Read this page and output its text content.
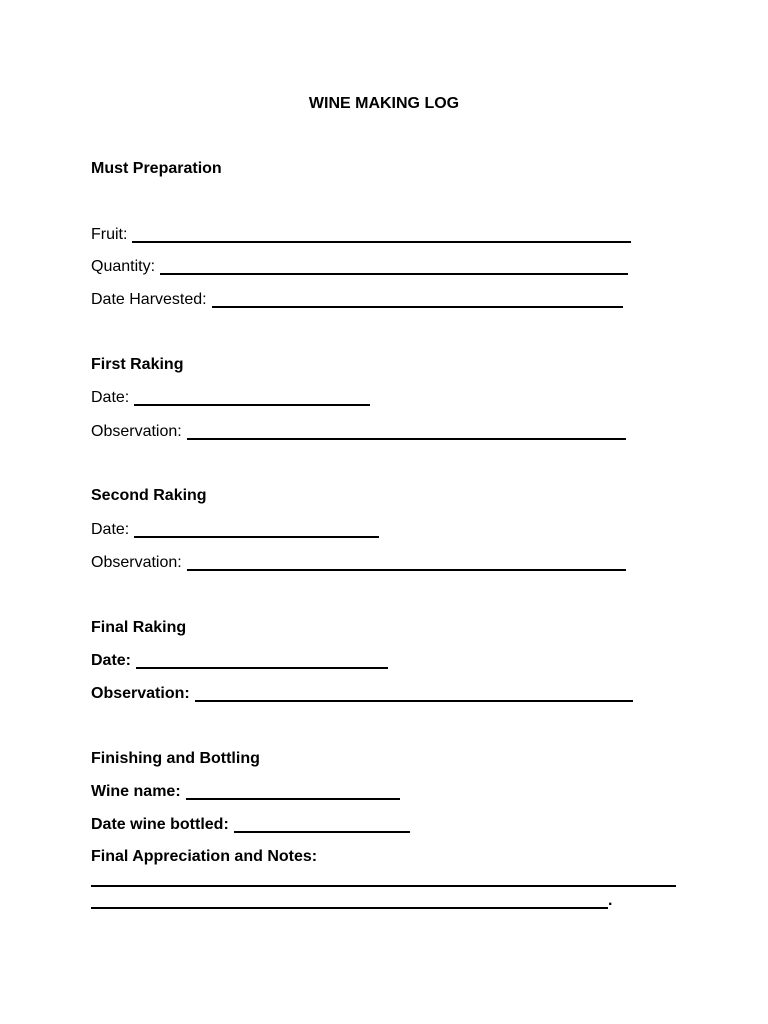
WINE MAKING LOG
Must Preparation
Fruit:
Quantity:
Date Harvested:
First Raking
Date:
Observation:
Second Raking
Date:
Observation:
Final Raking
Date:
Observation:
Finishing and Bottling
Wine name:
Date wine bottled:
Final Appreciation and Notes:
.
